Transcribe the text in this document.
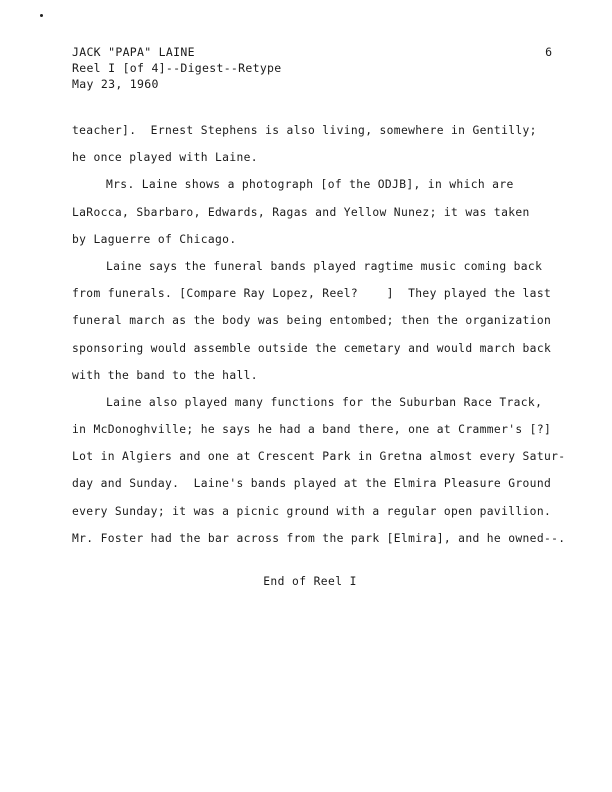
JACK "PAPA" LAINE
Reel I [of 4]--Digest--Retype
May 23, 1960
6
teacher].  Ernest Stephens is also living, somewhere in Gentilly;
he once played with Laine.
Mrs. Laine shows a photograph [of the ODJB], in which are
LaRocca, Sbarbaro, Edwards, Ragas and Yellow Nunez; it was taken
by Laguerre of Chicago.
Laine says the funeral bands played ragtime music coming back
from funerals. [Compare Ray Lopez, Reel?    ]  They played the last
funeral march as the body was being entombed; then the organization
sponsoring would assemble outside the cemetary and would march back
with the band to the hall.
Laine also played many functions for the Suburban Race Track,
in McDonoghville; he says he had a band there, one at Crammer's [?]
Lot in Algiers and one at Crescent Park in Gretna almost every Satur-
day and Sunday.  Laine's bands played at the Elmira Pleasure Ground
every Sunday; it was a picnic ground with a regular open pavillion.
Mr. Foster had the bar across from the park [Elmira], and he owned--.
End of Reel I
